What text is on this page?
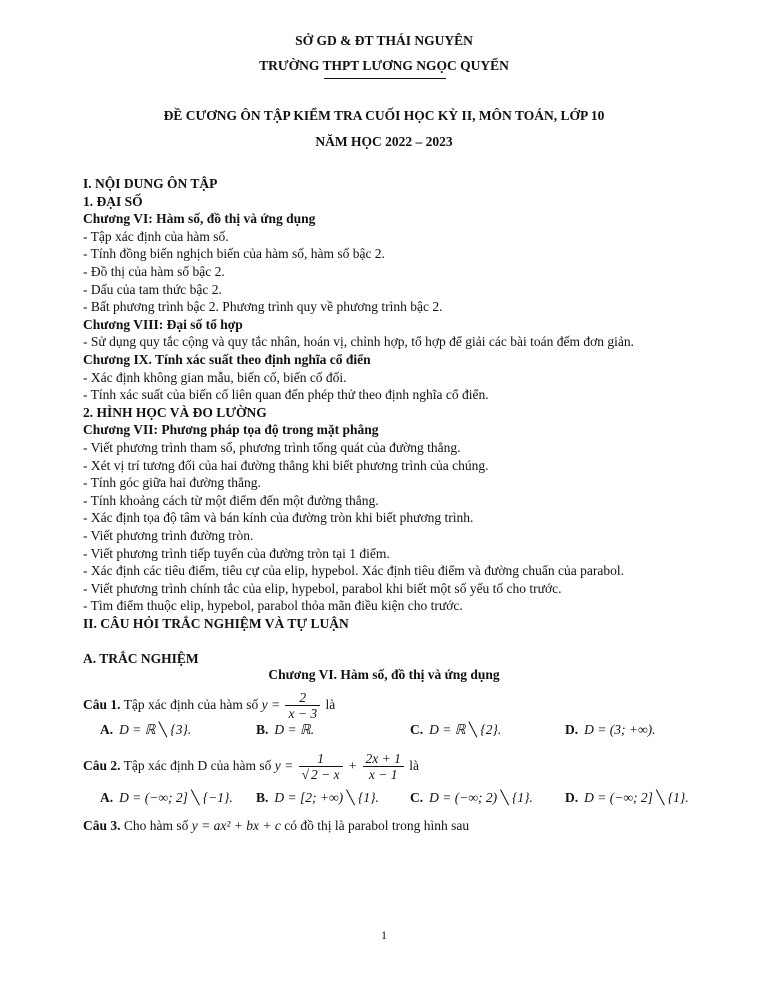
SỞ GD & ĐT THÁI NGUYÊN
TRƯỜNG THPT LƯƠNG NGỌC QUYẾN
ĐỀ CƯƠNG ÔN TẬP KIỂM TRA CUỐI HỌC KỲ II, MÔN TOÁN, LỚP 10
NĂM HỌC 2022 – 2023
I. NỘI DUNG ÔN TẬP
1. ĐẠI SỐ
Chương VI: Hàm số, đồ thị và ứng dụng
- Tập xác định của hàm số.
- Tính đồng biến nghịch biến của hàm số, hàm số bậc 2.
- Đồ thị của hàm số bậc 2.
- Dấu của tam thức bậc 2.
- Bất phương trình bậc 2. Phương trình quy về phương trình bậc 2.
Chương VIII: Đại số tổ hợp
- Sử dụng quy tắc cộng và quy tắc nhân, hoán vị, chỉnh hợp, tổ hợp để giải các bài toán đếm đơn giản.
Chương IX. Tính xác suất theo định nghĩa cổ điển
- Xác định không gian mẫu, biến cố, biến cố đối.
- Tính xác suất của biến cố liên quan đến phép thử theo định nghĩa cổ điển.
2. HÌNH HỌC VÀ ĐO LƯỜNG
Chương VII: Phương pháp tọa độ trong mặt phẳng
- Viết phương trình tham số, phương trình tổng quát của đường thẳng.
- Xét vị trí tương đối của hai đường thẳng khi biết phương trình của chúng.
- Tính góc giữa hai đường thẳng.
- Tính khoảng cách từ một điểm đến một đường thẳng.
- Xác định tọa độ tâm và bán kính của đường tròn khi biết phương trình.
- Viết phương trình đường tròn.
- Viết phương trình tiếp tuyến của đường tròn tại 1 điểm.
- Xác định các tiêu điểm, tiêu cự của elip, hypebol. Xác định tiêu điểm và đường chuẩn của parabol.
- Viết phương trình chính tắc của elip, hypebol, parabol khi biết một số yếu tố cho trước.
- Tìm điểm thuộc elip, hypebol, parabol thỏa mãn điều kiện cho trước.
II. CÂU HỎI TRẮC NGHIỆM VÀ TỰ LUẬN
A. TRẮC NGHIỆM
Chương VI. Hàm số, đồ thị và ứng dụng
Câu 1. Tập xác định của hàm số $y = \frac{2}{x - 3}$ là
A. D = ℝ ╲ {3}.	B. D = ℝ.	C. D = ℝ ╲ {2}.	D. D = (3; +∞).
Câu 2. Tập xác định D của hàm số $y = \frac{1}{√ 2 - x} + \frac{2x + 1}{x - 1}$ là
A. D = (−∞; 2] ╲ {−1}. B. D = [2; +∞) ╲ {1}. C. D = (−∞; 2) ╲ {1}. D. D = (−∞; 2] ╲ {1}.
Câu 3. Cho hàm số y = ax² + bx + c có đồ thị là parabol trong hình sau
1
